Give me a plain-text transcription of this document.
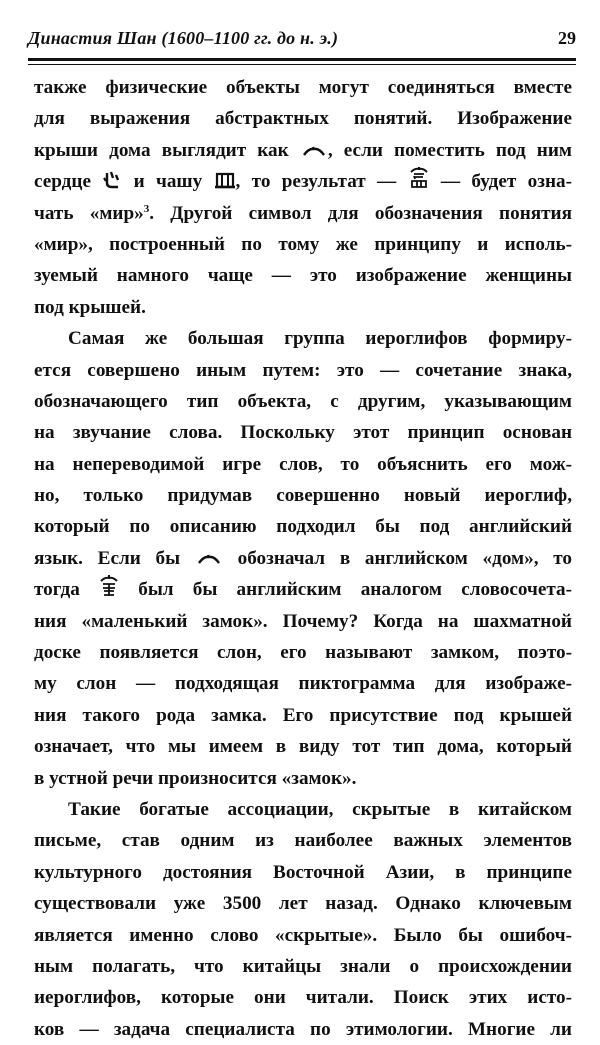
Династия Шан (1600–1100 гг. до н. э.)	29
также физические объекты могут соединяться вместе
для выражения абстрактных понятий. Изображение
крыши дома выглядит как , если поместить под ним
сердце и чашу , то результат — — будет озна-
чать «мир»$^3$. Другой символ для обозначения понятия
«мир», построенный по тому же принципу и исполь-
зуемый намного чаще — это изображение женщины
под крышей.
Самая же большая группа иероглифов формиру-
ется совершено иным путем: это — сочетание знака,
обозначающего тип объекта, с другим, указывающим
на звучание слова. Поскольку этот принцип основан
на непереводимой игре слов, то объяснить его мож-
но, только придумав совершенно новый иероглиф,
который по описанию подходил бы под английский
язык. Если бы	обозначал в английском «дом», то
тогда	был бы английским аналогом словосочета-
ния «маленький замок». Почему? Когда на шахматной
доске появляется слон, его называют замком, поэто-
му слон — подходящая пиктограмма для изображе-
ния такого рода замка. Его присутствие под крышей
означает, что мы имеем в виду тот тип дома, который
в устной речи произносится «замок».
Такие богатые ассоциации, скрытые в китайском
письме, став одним из наиболее важных элементов
культурного достояния Восточной Азии, в принципе
существовали уже 3500 лет назад. Однако ключевым
является именно слово «скрытые». Было бы ошибоч-
ным полагать, что китайцы знали о происхождении
иероглифов, которые они читали. Поиск этих исто-
ков — задача специалиста по этимологии. Многие ли
